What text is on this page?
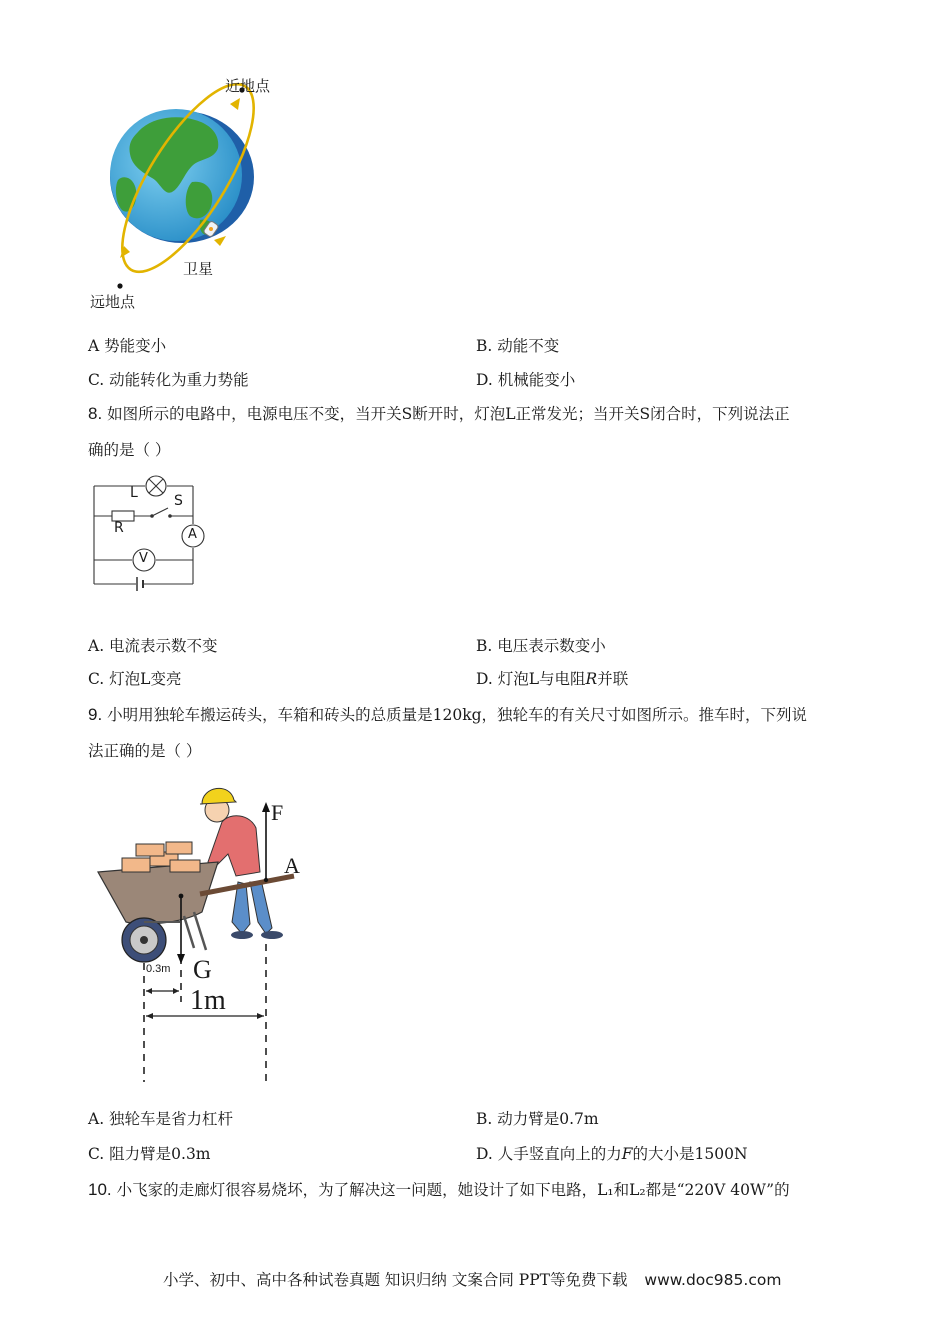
近地点
远地点
卫星
A 势能变小	B. 动能不变
C. 动能转化为重力势能	D. 机械能变小
8. 如图所示的电路中，电源电压不变，当开关S断开时，灯泡L正常发光；当开关S闭合时，下列说法正
确的是（ ）
L	S
R	A
V
A. 电流表示数不变	B. 电压表示数变小
C. 灯泡L变亮	D. 灯泡L与电阻R并联
9. 小明用独轮车搬运砖头，车箱和砖头的总质量是120kg，独轮车的有关尺寸如图所示。推车时，下列说
法正确的是（ ）
F
A
G
0.3m
1m
A. 独轮车是省力杠杆	B. 动力臂是0.7m
C. 阻力臂是0.3m	D. 人手竖直向上的力F的大小是1500N
10. 小飞家的走廊灯很容易烧坏，为了解决这一问题，她设计了如下电路，L₁和L₂都是“220V 40W”的
小学、初中、高中各种试卷真题 知识归纳 文案合同 PPT等免费下载 www.doc985.com
